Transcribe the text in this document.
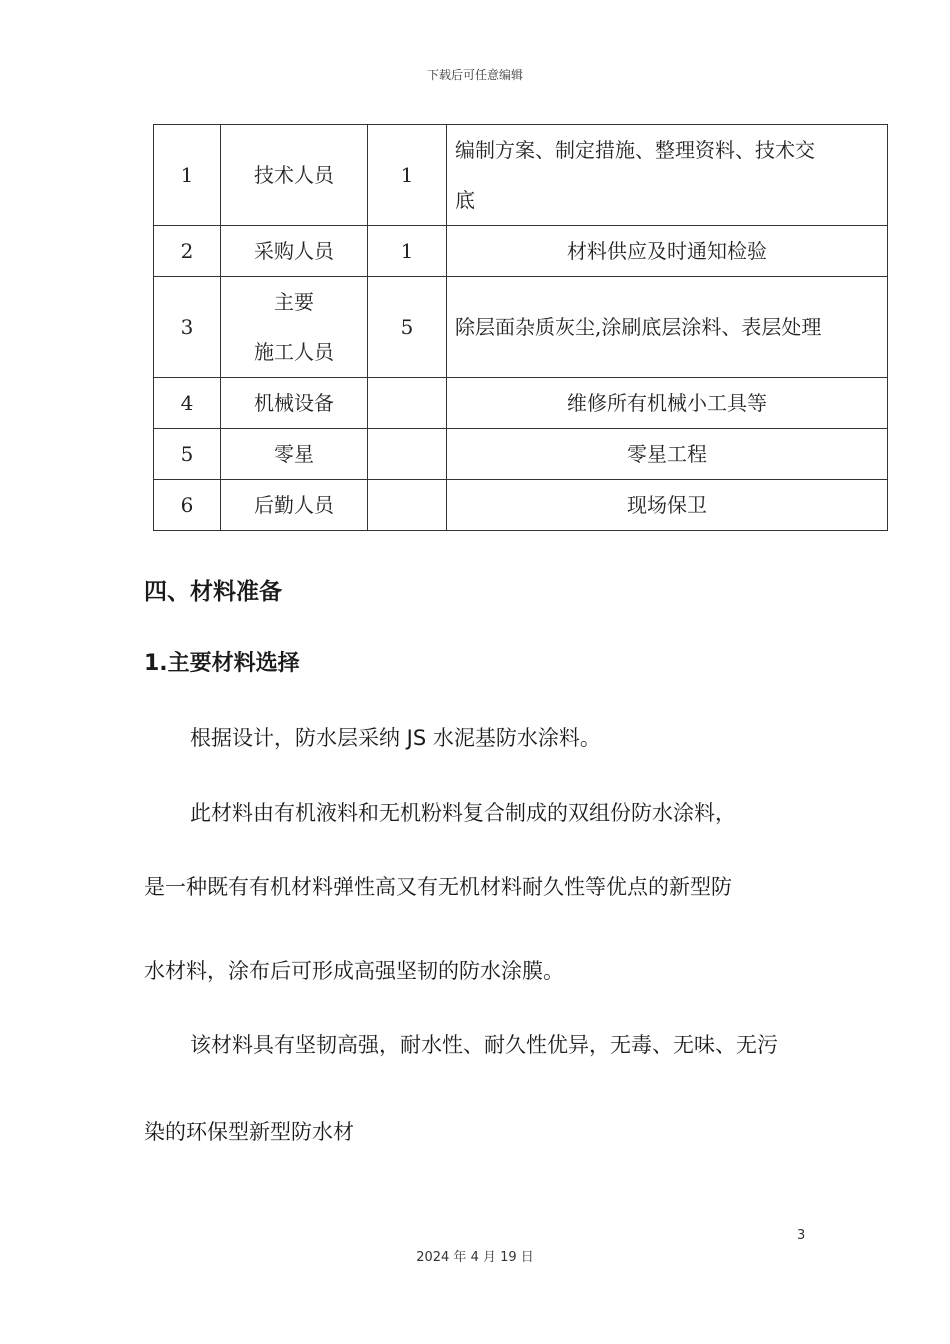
下载后可任意编辑
1	技术人员	1	编制方案、制定措施、整理资料、技术交
底

2	采购人员	1	材料供应及时通知检验
3	主要
施工人员	5	除层面杂质灰尘,涂刷底层涂料、表层处理
4	机械设备		维修所有机械小工具等
5	零星		零星工程
6	后勤人员		现场保卫
四、材料准备
1.主要材料选择
根据设计，防水层采纳 JS 水泥基防水涂料。
此材料由有机液料和无机粉料复合制成的双组份防水涂料，
是一种既有有机材料弹性高又有无机材料耐久性等优点的新型防
水材料，涂布后可形成高强坚韧的防水涂膜。
该材料具有坚韧高强，耐水性、耐久性优异，无毒、无味、无污
染的环保型新型防水材
3
2024 年 4 月 19 日
